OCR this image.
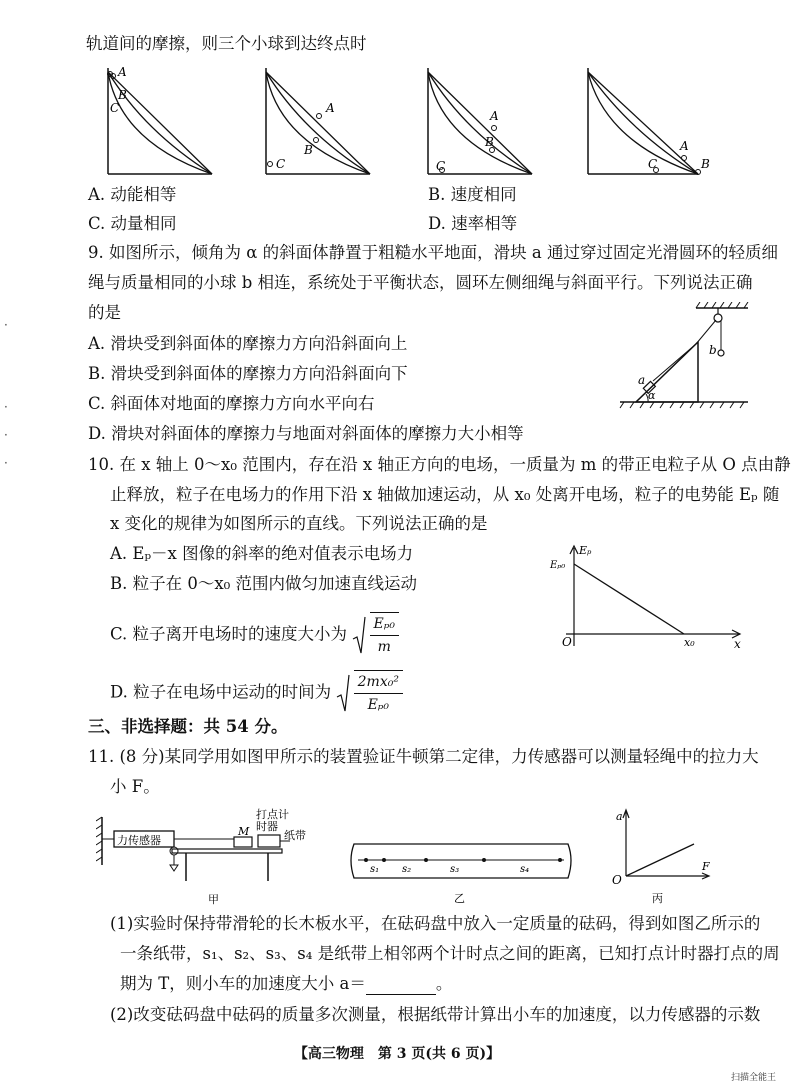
轨道间的摩擦，则三个小球到达终点时
A
B
C	A
B
C
A
B
C
A
B
C
A. 动能相等	B. 速度相同
C. 动量相同	D. 速率相等
9. 如图所示，倾角为 α 的斜面体静置于粗糙水平地面，滑块 a 通过穿过固定光滑圆环的轻质细
绳与质量相同的小球 b 相连，系统处于平衡状态，圆环左侧细绳与斜面平行。下列说法正确
的是
A. 滑块受到斜面体的摩擦力方向沿斜面向上
B. 滑块受到斜面体的摩擦力方向沿斜面向下
C. 斜面体对地面的摩擦力方向水平向右
D. 滑块对斜面体的摩擦力与地面对斜面体的摩擦力大小相等
b
a
α
10. 在 x 轴上 0～x₀ 范围内，存在沿 x 轴正方向的电场，一质量为 m 的带正电粒子从 O 点由静
止释放，粒子在电场力的作用下沿 x 轴做加速运动，从 x₀ 处离开电场，粒子的电势能 Eₚ 随
x 变化的规律为如图所示的直线。下列说法正确的是
A. Eₚ－x 图像的斜率的绝对值表示电场力
B. 粒子在 0～x₀ 范围内做匀加速直线运动
C. 粒子离开电场时的速度大小为 $\frac{\text{Eₚ₀}}{m}$
D. 粒子在电场中运动的时间为 $\frac{\text{2mx₀²}}{\text{Eₚ₀}}$
Eₚ
Eₚ₀
O	x₀	x
三、非选择题：共 54 分。
11. (8 分)某同学用如图甲所示的装置验证牛顿第二定律，力传感器可以测量轻绳中的拉力大
小 F。
力传感器
M
打点计
时器
纸带
甲
s₁ s₂	s₃	s₄
乙
a
O
F
丙
(1)实验时保持带滑轮的长木板水平，在砝码盘中放入一定质量的砝码，得到如图乙所示的
一条纸带，s₁、s₂、s₃、s₄ 是纸带上相邻两个计时点之间的距离，已知打点计时器打点的周
期为 T，则小车的加速度大小 a＝	。
(2)改变砝码盘中砝码的质量多次测量，根据纸带计算出小车的加速度，以力传感器的示数
【高三物理　第 3 页(共 6 页)】
扫描全能王
·
·
·
·
